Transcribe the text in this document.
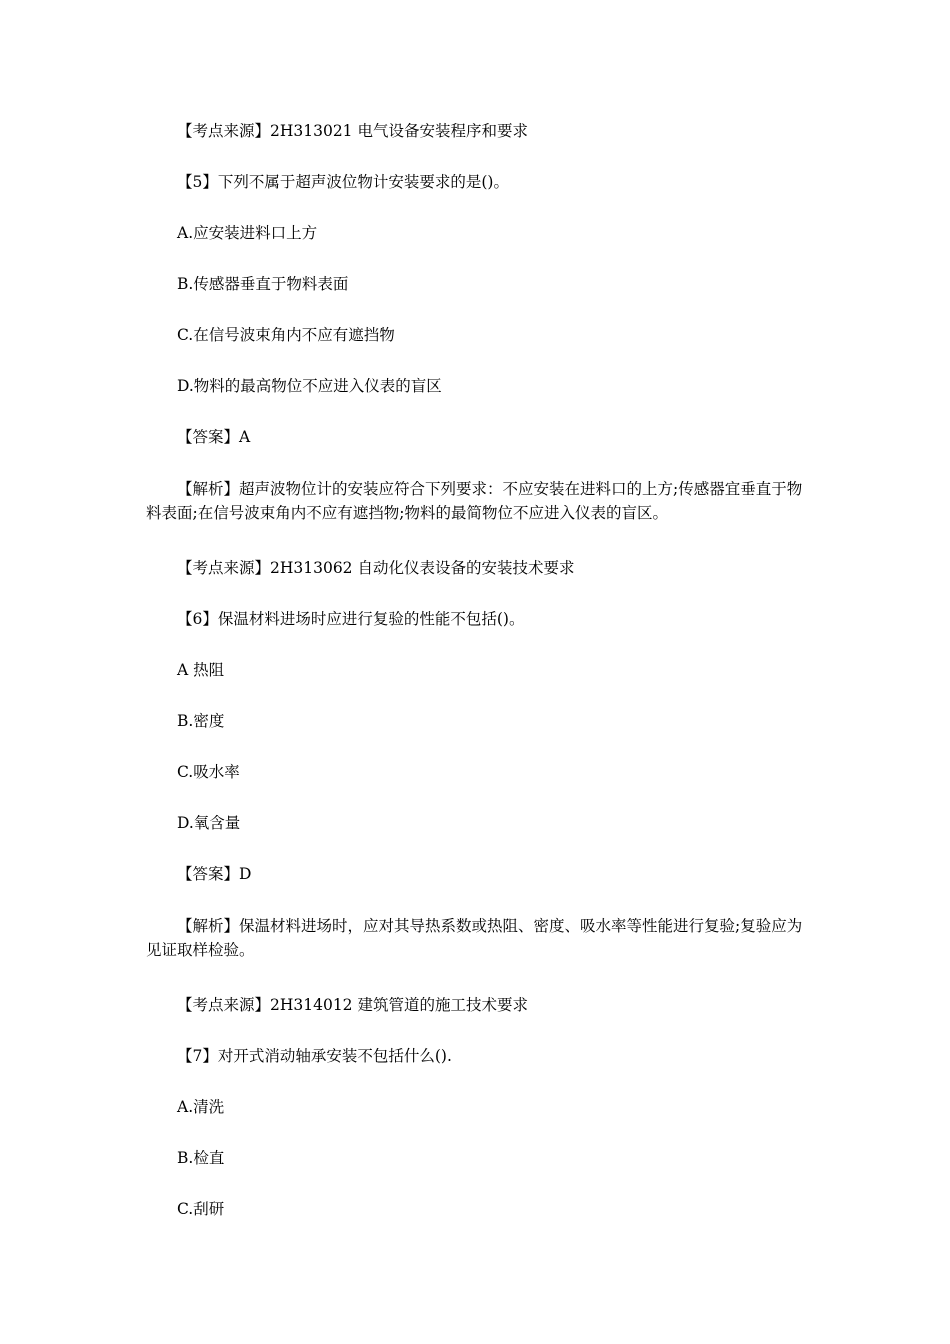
【考点来源】2H313021 电气设备安装程序和要求
【5】下列不属于超声波位物计安装要求的是()。
A.应安装进料口上方
B.传感器垂直于物料表面
C.在信号波束角内不应有遮挡物
D.物料的最高物位不应进入仪表的盲区
【答案】A
【解析】超声波物位计的安装应符合下列要求：不应安装在进料口的上方;传感器宜垂直于物料表面;在信号波束角内不应有遮挡物;物料的最简物位不应进入仪表的盲区。
【考点来源】2H313062 自动化仪表设备的安装技术要求
【6】保温材料进场时应进行复验的性能不包括()。
A 热阻
B.密度
C.吸水率
D.氧含量
【答案】D
【解析】保温材料进场时，应对其导热系数或热阻、密度、吸水率等性能进行复验;复验应为见证取样检验。
【考点来源】2H314012 建筑管道的施工技术要求
【7】对开式消动轴承安装不包括什么().
A.清洗
B.检直
C.刮研
